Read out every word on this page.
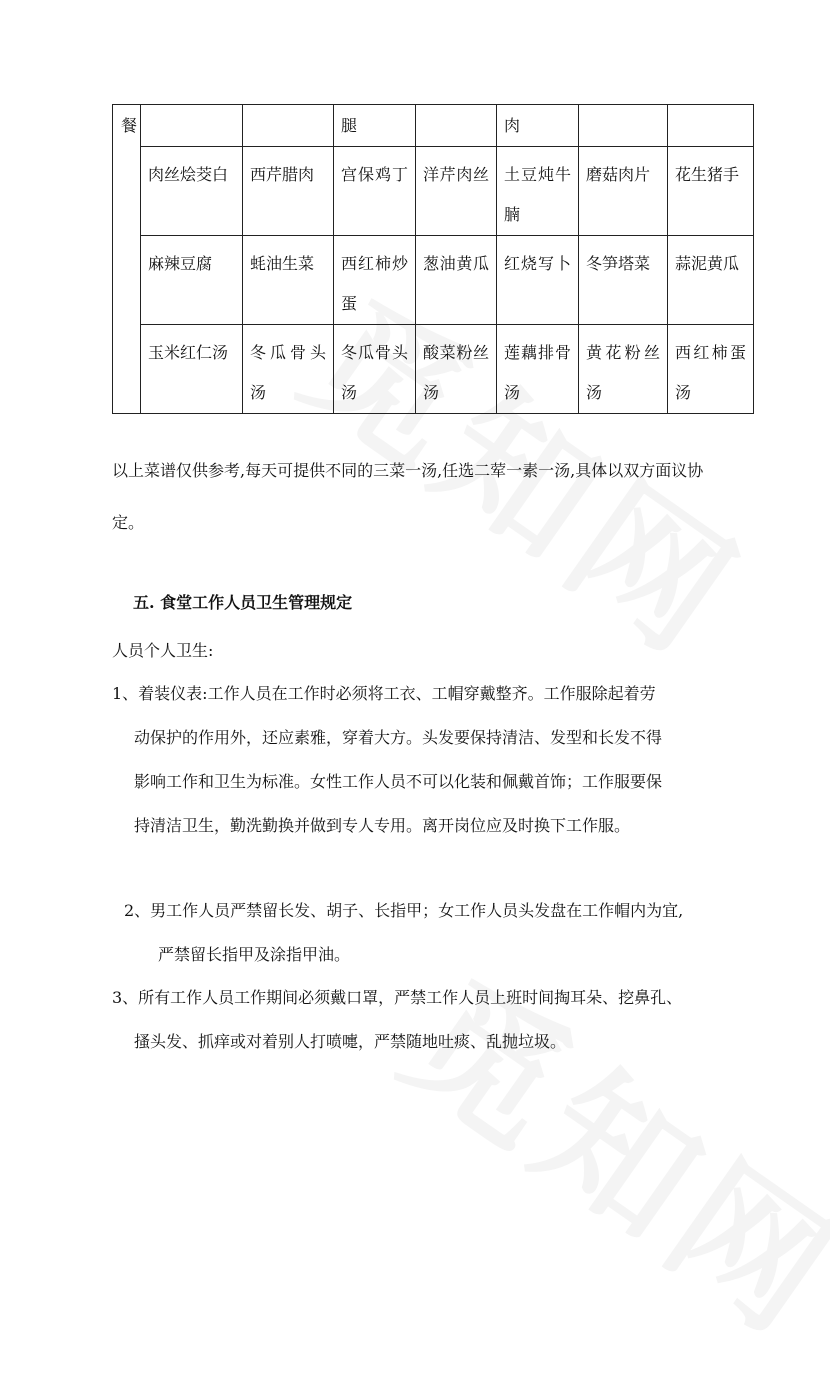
餐			腿		肉		
	肉丝烩茭白	西芹腊肉	宫保鸡丁	洋芹肉丝	土豆炖牛腩	磨菇肉片	花生猪手
	麻辣豆腐	蚝油生菜	西红柿炒蛋	葱油黄瓜	红烧写卜	冬笋塔菜	蒜泥黄瓜
	玉米红仁汤	冬瓜骨头汤	冬瓜骨头汤	酸菜粉丝汤	莲藕排骨汤	黄花粉丝汤	西红柿蛋汤

以上菜谱仅供参考,每天可提供不同的三菜一汤,任选二荤一素一汤,具体以双方面议协定。

五. 食堂工作人员卫生管理规定

人员个人卫生:

1、着装仪表:工作人员在工作时必须将工衣、工帽穿戴整齐。工作服除起着劳
动保护的作用外，还应素雅，穿着大方。头发要保持清洁、发型和长发不得
影响工作和卫生为标准。女性工作人员不可以化装和佩戴首饰；工作服要保
持清洁卫生，勤洗勤换并做到专人专用。离开岗位应及时换下工作服。
2、男工作人员严禁留长发、胡子、长指甲；女工作人员头发盘在工作帽内为宜,
严禁留长指甲及涂指甲油。
3、所有工作人员工作期间必须戴口罩，严禁工作人员上班时间掏耳朵、挖鼻孔、
搔头发、抓痒或对着别人打喷嚏，严禁随地吐痰、乱抛垃圾。
